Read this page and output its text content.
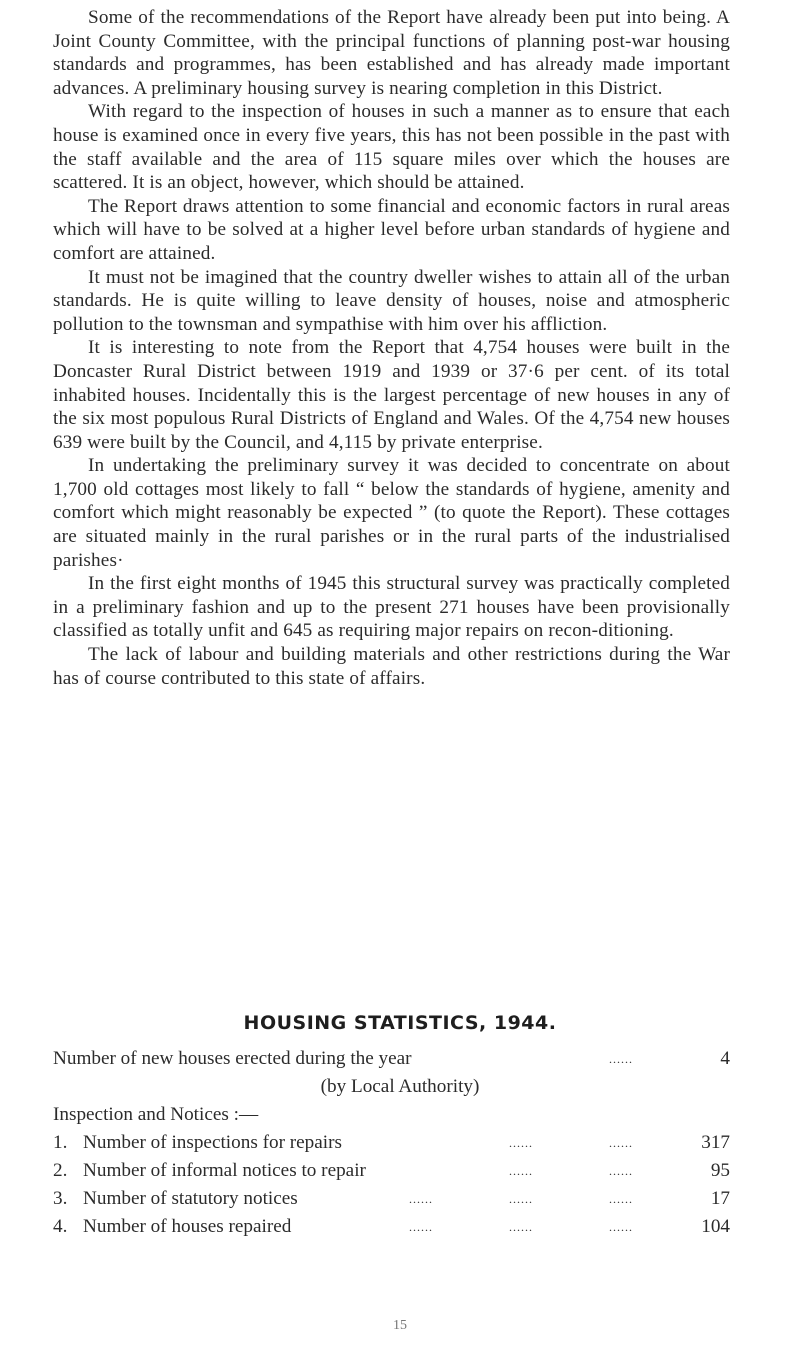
Some of the recommendations of the Report have already been put into being. A Joint County Committee, with the principal functions of planning post-war housing standards and programmes, has been established and has already made important advances. A preliminary housing survey is nearing completion in this District.

With regard to the inspection of houses in such a manner as to ensure that each house is examined once in every five years, this has not been possible in the past with the staff available and the area of 115 square miles over which the houses are scattered. It is an object, however, which should be attained.

The Report draws attention to some financial and economic factors in rural areas which will have to be solved at a higher level before urban standards of hygiene and comfort are attained.

It must not be imagined that the country dweller wishes to attain all of the urban standards. He is quite willing to leave density of houses, noise and atmospheric pollution to the townsman and sympathise with him over his affliction.

It is interesting to note from the Report that 4,754 houses were built in the Doncaster Rural District between 1919 and 1939 or 37·6 per cent. of its total inhabited houses. Incidentally this is the largest percentage of new houses in any of the six most populous Rural Districts of England and Wales. Of the 4,754 new houses 639 were built by the Council, and 4,115 by private enterprise.

In undertaking the preliminary survey it was decided to concentrate on about 1,700 old cottages most likely to fall “ below the standards of hygiene, amenity and comfort which might reasonably be expected ” (to quote the Report). These cottages are situated mainly in the rural parishes or in the rural parts of the industrialised parishes·

In the first eight months of 1945 this structural survey was practically completed in a preliminary fashion and up to the present 271 houses have been provisionally classified as totally unfit and 645 as requiring major repairs on recon-ditioning.

The lack of labour and building materials and other restrictions during the War has of course contributed to this state of affairs.

HOUSING STATISTICS, 1944.
Number of new houses erected during the year	......	4
(by Local Authority)
Inspection and Notices :—
1. Number of inspections for repairs	......	......	317
2. Number of informal notices to repair	......	......	95
3. Number of statutory notices	......	......	......	17
4. Number of houses repaired	......	......	......	104
15
